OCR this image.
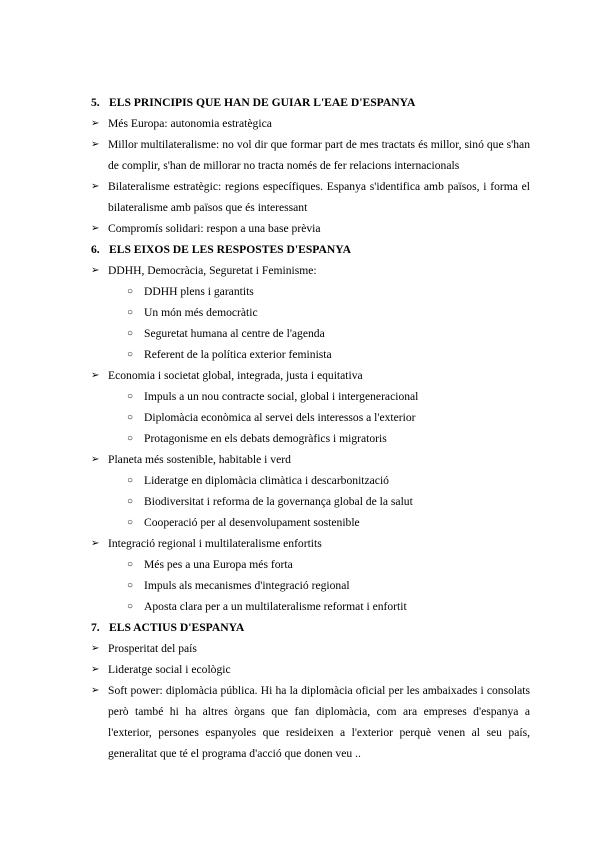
5. ELS PRINCIPIS QUE HAN DE GUIAR L'EAE D'ESPANYA
➢ Més Europa: autonomia estratègica
➢ Millor multilateralisme: no vol dir que formar part de mes tractats és millor, sinó que s'han de complir, s'han de millorar no tracta només de fer relacions internacionals
➢ Bilateralisme estratègic: regions específiques. Espanya s'identifica amb països, i forma el bilateralisme amb països que és interessant
➢ Compromís solidari: respon a una base prèvia
6. ELS EIXOS DE LES RESPOSTES D'ESPANYA
➢ DDHH, Democràcia, Seguretat i Feminisme:
○ DDHH plens i garantits
○ Un món més democràtic
○ Seguretat humana al centre de l'agenda
○ Referent de la política exterior feminista
➢ Economia i societat global, integrada, justa i equitativa
○ Impuls a un nou contracte social, global i intergeneracional
○ Diplomàcia econòmica al servei dels interessos a l'exterior
○ Protagonisme en els debats demogràfics i migratoris
➢ Planeta més sostenible, habitable i verd
○ Lideratge en diplomàcia climàtica i descarbonització
○ Biodiversitat i reforma de la governança global de la salut
○ Cooperació per al desenvolupament sostenible
➢ Integració regional i multilateralisme enfortits
○ Més pes a una Europa més forta
○ Impuls als mecanismes d'integració regional
○ Aposta clara per a un multilateralisme reformat i enfortit
7. ELS ACTIUS D'ESPANYA
➢ Prosperitat del país
➢ Lideratge social i ecològic
➢ Soft power: diplomàcia pública. Hi ha la diplomàcia oficial per les ambaixades i consolats però també hi ha altres òrgans que fan diplomàcia, com ara empreses d'espanya a l'exterior, persones espanyoles que resideixen a l'exterior perquè venen al seu país, generalitat que té el programa d'acció que donen veu ..
